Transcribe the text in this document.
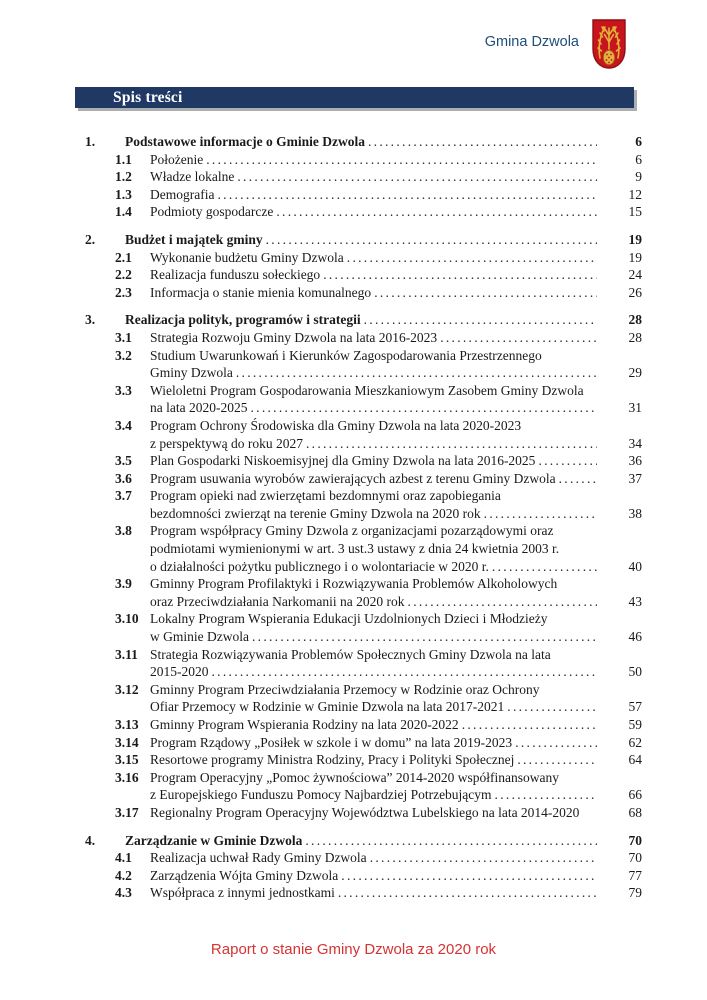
Gmina Dzwola
Spis treści
1.	Podstawowe informacje o Gminie Dzwola .....	6
1.1	Położenie .....	6
1.2	Władze lokalne .....	9
1.3	Demografia .....	12
1.4	Podmioty gospodarcze .....	15
2.	Budżet i majątek gminy .....	19
2.1	Wykonanie budżetu Gminy Dzwola .....	19
2.2	Realizacja funduszu sołeckiego .....	24
2.3	Informacja o stanie mienia komunalnego .....	26
3.	Realizacja polityk, programów i strategii .....	28
3.1	Strategia Rozwoju Gminy Dzwola na lata 2016-2023 .....	28
3.2	Studium Uwarunkowań i Kierunków Zagospodarowania Przestrzennego
Gminy Dzwola .....	29
3.3	Wieloletni Program Gospodarowania Mieszkaniowym Zasobem Gminy Dzwola
na lata 2020-2025 .....	31
3.4	Program Ochrony Środowiska dla Gminy Dzwola na lata 2020-2023
z perspektywą do roku 2027 .....	34
3.5	Plan Gospodarki Niskoemisyjnej dla Gminy Dzwola na lata 2016-2025 .....	36
3.6	Program usuwania wyrobów zawierających azbest z terenu Gminy Dzwola .....	37
3.7	Program opieki nad zwierzętami bezdomnymi oraz zapobiegania
bezdomności zwierząt na terenie Gminy Dzwola na 2020 rok .....	38
3.8	Program współpracy Gminy Dzwola z organizacjami pozarządowymi oraz
podmiotami wymienionymi w art. 3 ust.3 ustawy z dnia 24 kwietnia 2003 r.
o działalności pożytku publicznego i o wolontariacie w 2020 r. .....	40
3.9	Gminny Program Profilaktyki i Rozwiązywania Problemów Alkoholowych
oraz Przeciwdziałania Narkomanii na 2020 rok .....	43
3.10 Lokalny Program Wspierania Edukacji Uzdolnionych Dzieci i Młodzieży
w Gminie Dzwola .....	46
3.11 Strategia Rozwiązywania Problemów Społecznych Gminy Dzwola na lata
2015-2020 .....	50
3.12 Gminny Program Przeciwdziałania Przemocy w Rodzinie oraz Ochrony
Ofiar Przemocy w Rodzinie w Gminie Dzwola na lata 2017-2021 .....	57
3.13 Gminny Program Wspierania Rodziny na lata 2020-2022 .....	59
3.14 Program Rządowy „Posiłek w szkole i w domu” na lata 2019-2023 .....	62
3.15 Resortowe programy Ministra Rodziny, Pracy i Polityki Społecznej .....	64
3.16 Program Operacyjny „Pomoc żywnościowa” 2014-2020 współfinansowany
z Europejskiego Funduszu Pomocy Najbardziej Potrzebującym .....	66
3.17 Regionalny Program Operacyjny Województwa Lubelskiego na lata 2014-2020	68
4.	Zarządzanie w Gminie Dzwola .....	70
4.1	Realizacja uchwał Rady Gminy Dzwola .....	70
4.2	Zarządzenia Wójta Gminy Dzwola .....	77
4.3	Współpraca z innymi jednostkami .....	79
Raport o stanie Gminy Dzwola za 2020 rok
